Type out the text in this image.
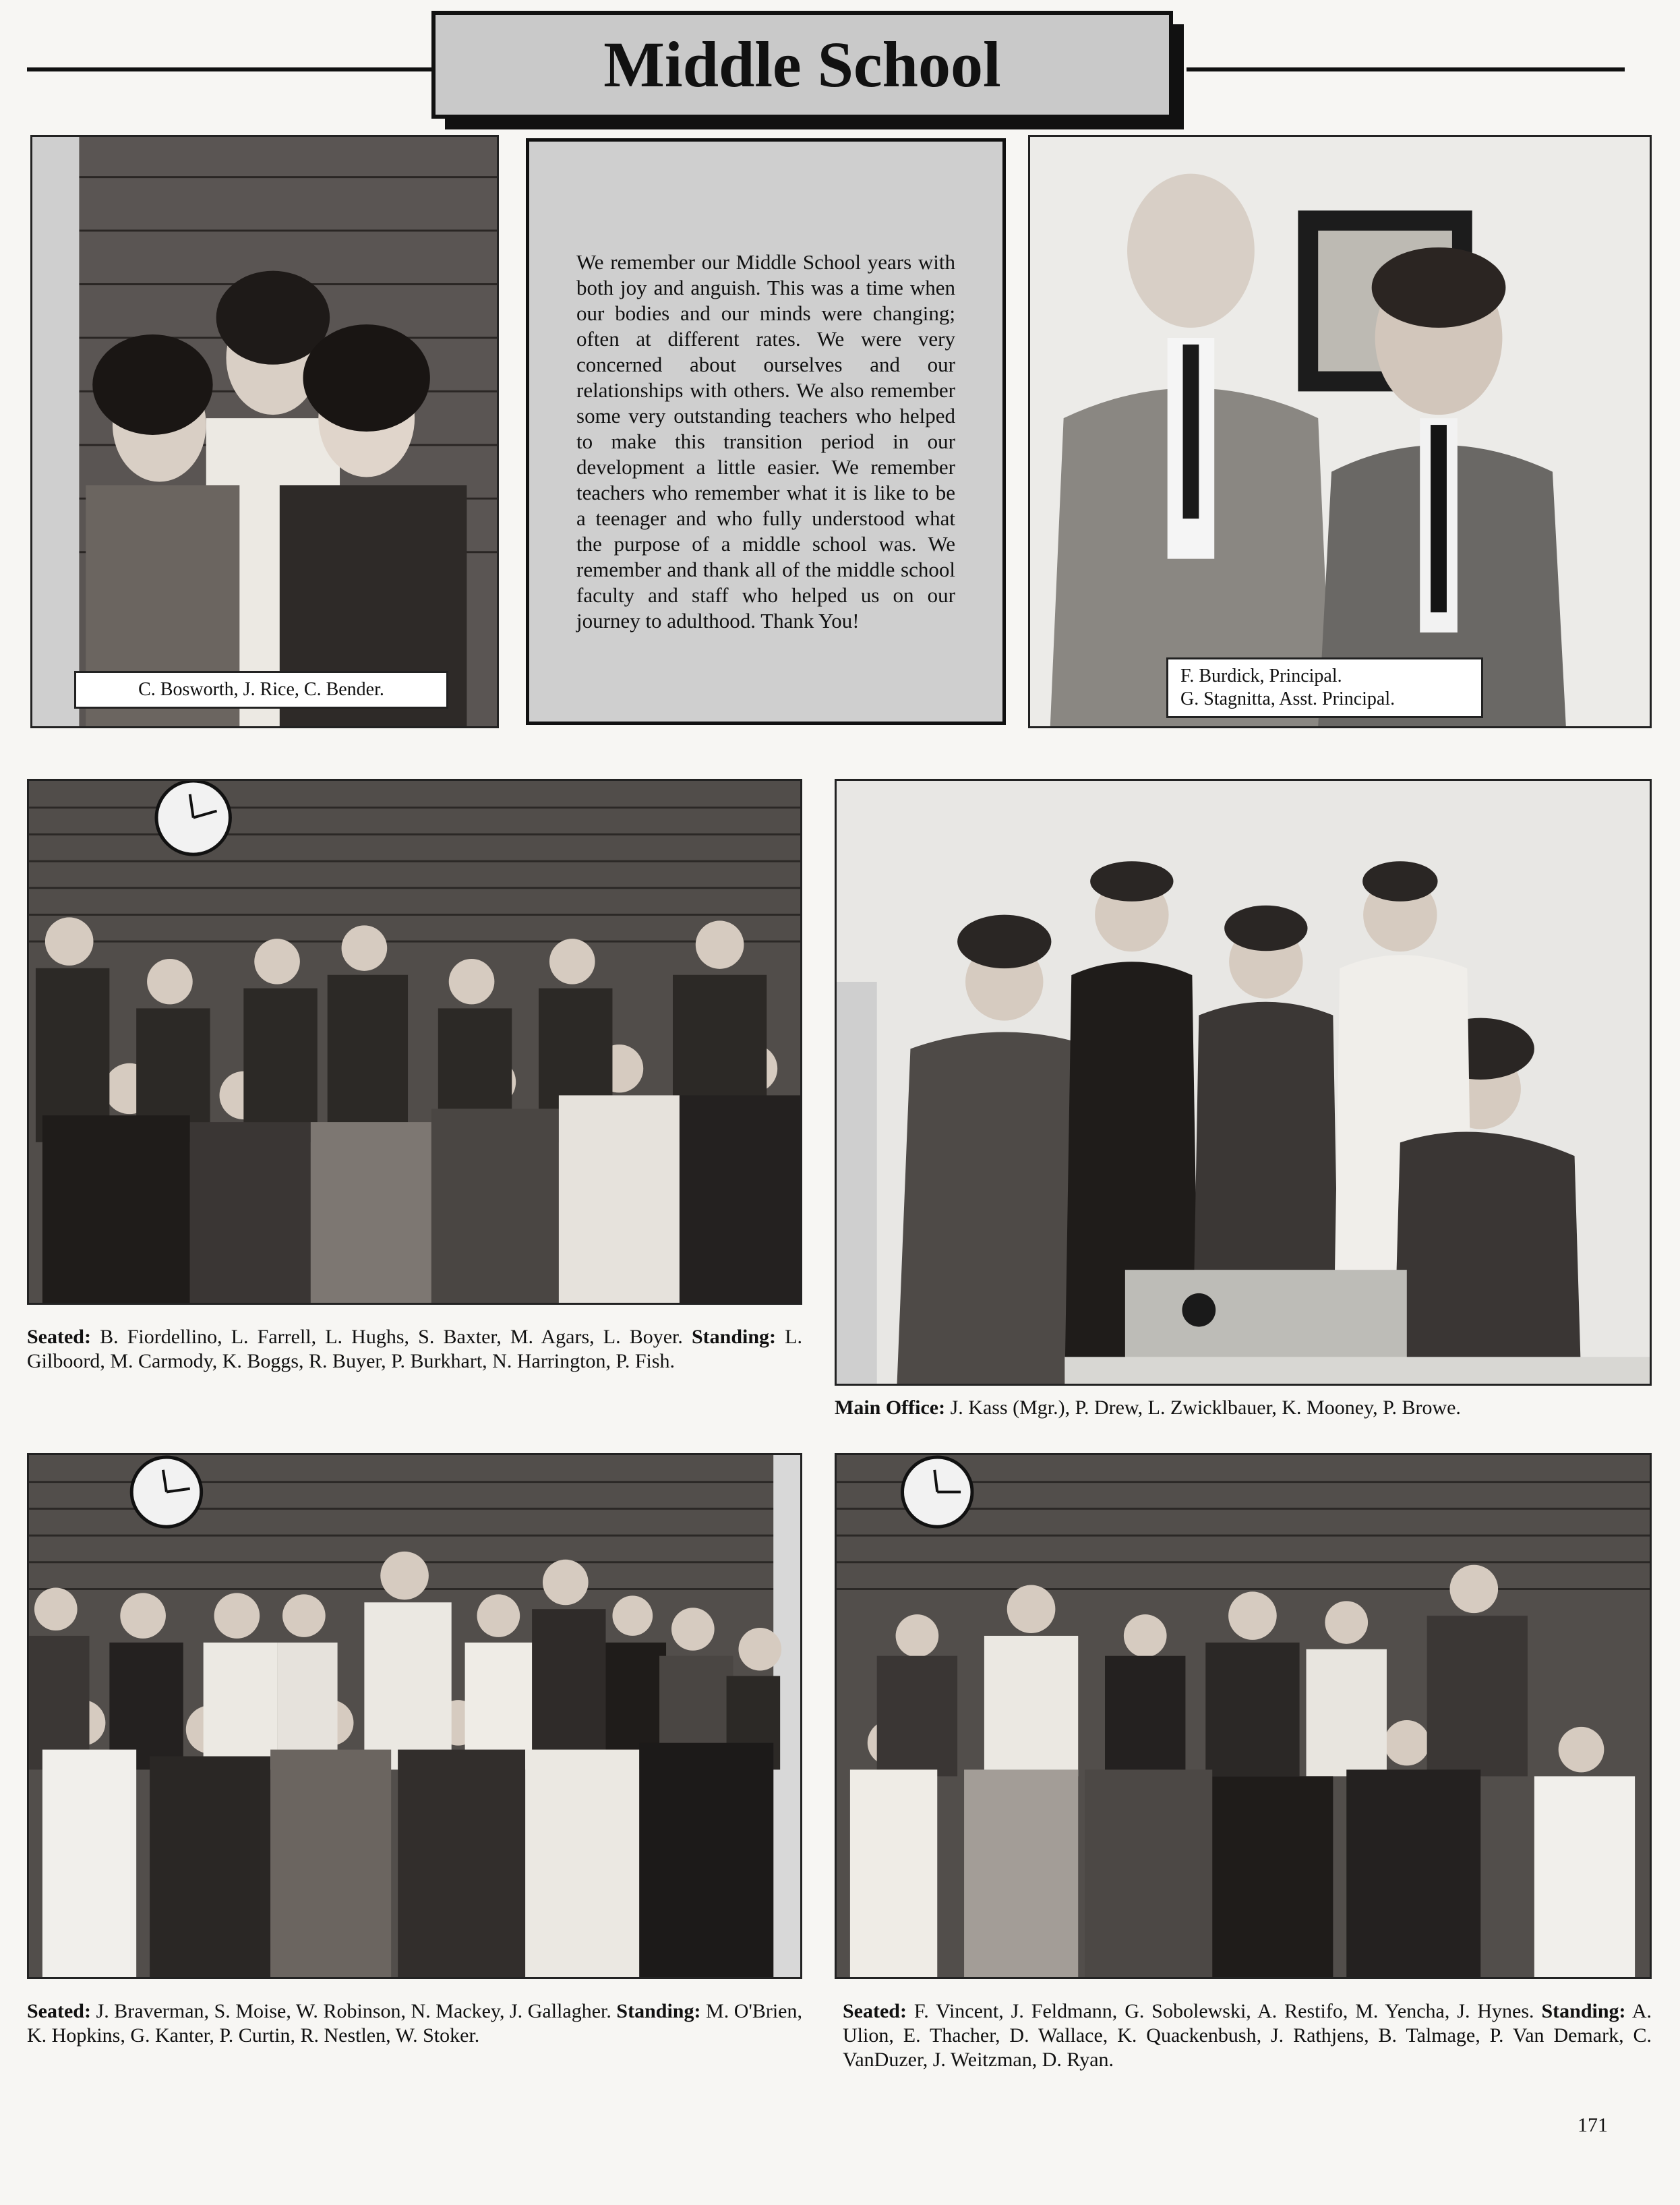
Middle School
C. Bosworth, J. Rice, C. Bender.
We remember our Middle School years with both joy and anguish. This was a time when our bodies and our minds were changing; often at different rates. We were very concerned about ourselves and our relationships with others. We also remember some very outstanding teachers who helped to make this transition period in our development a little easier. We remember teachers who remember what it is like to be a teenager and who fully understood what the purpose of a middle school was. We remember and thank all of the middle school faculty and staff who helped us on our journey to adulthood. Thank You!
F. Burdick, Principal.
G. Stagnitta, Asst. Principal.
Seated: B. Fiordellino, L. Farrell, L. Hughs, S. Baxter, M. Agars, L. Boyer. Standing: L. Gilboord, M. Carmody, K. Boggs, R. Buyer, P. Burkhart, N. Harrington, P. Fish.
Main Office: J. Kass (Mgr.), P. Drew, L. Zwicklbauer, K. Mooney, P. Browe.
Seated: J. Braverman, S. Moise, W. Robinson, N. Mackey, J. Gallagher. Standing: M. O'Brien, K. Hopkins, G. Kanter, P. Curtin, R. Nestlen, W. Stoker.
Seated: F. Vincent, J. Feldmann, G. Sobolewski, A. Restifo, M. Yencha, J. Hynes. Standing: A. Ulion, E. Thacher, D. Wallace, K. Quackenbush, J. Rathjens, B. Talmage, P. Van Demark, C. VanDuzer, J. Weitzman, D. Ryan.
171
